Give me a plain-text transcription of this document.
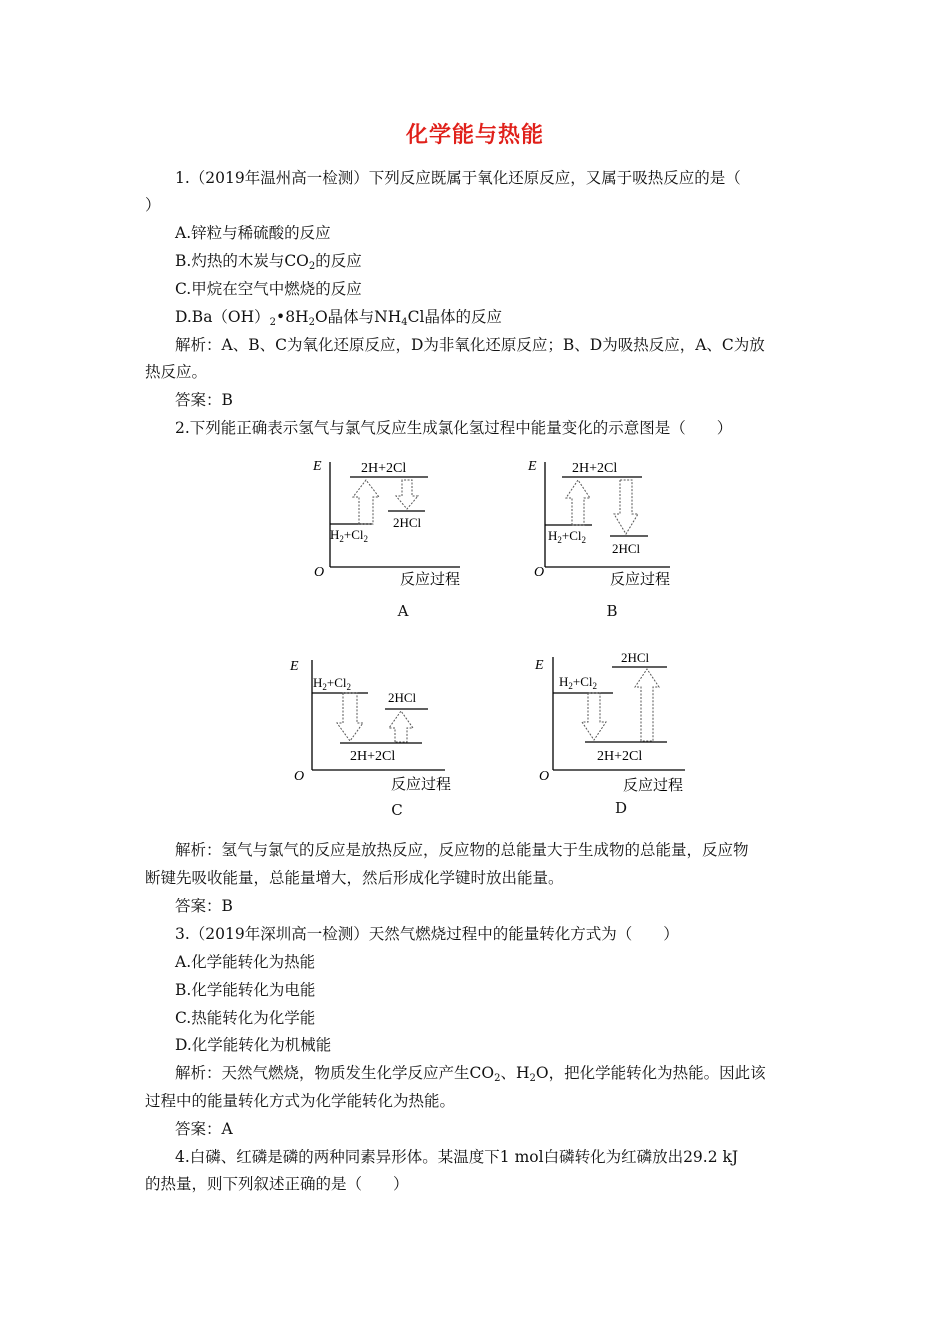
化学能与热能
1.（2019年温州高一检测）下列反应既属于氧化还原反应，又属于吸热反应的是（
）
A.锌粒与稀硫酸的反应
B.灼热的木炭与$CO_2$的反应
C.甲烷在空气中燃烧的反应
$D.Ba(OH)_2•8H_2O$晶体与$NH_4Cl$晶体的反应
解析：A、B、C为氧化还原反应，D为非氧化还原反应；B、D为吸热反应，A、C为放
热反应。
答案：B
2.下列能正确表示氢气与氯气反应生成氯化氢过程中能量变化的示意图是（　　）
E
O	反应过程
2H+2Cl
$H_2+Cl_2$
2HCl
A
E
O	反应过程
2H+2Cl
$H_2+Cl_2$
2HCl
B
E
O
反应过程
$H_2+Cl_2$
2H+2Cl
2HCl
C
E
O
反应过程
$H_2+Cl_2$
2H+2Cl
2HCl
D
解析：氢气与氯气的反应是放热反应，反应物的总能量大于生成物的总能量，反应物
断键先吸收能量，总能量增大，然后形成化学键时放出能量。
答案：B
3.（2019年深圳高一检测）天然气燃烧过程中的能量转化方式为（　　）
A.化学能转化为热能
B.化学能转化为电能
C.热能转化为化学能
D.化学能转化为机械能
解析：天然气燃烧，物质发生化学反应产生$CO_2$、$H_2O$，把化学能转化为热能。因此该
过程中的能量转化方式为化学能转化为热能。
答案：A
4.白磷、红磷是磷的两种同素异形体。某温度下1 mol白磷转化为红磷放出29.2 kJ
的热量，则下列叙述正确的是（　　）
